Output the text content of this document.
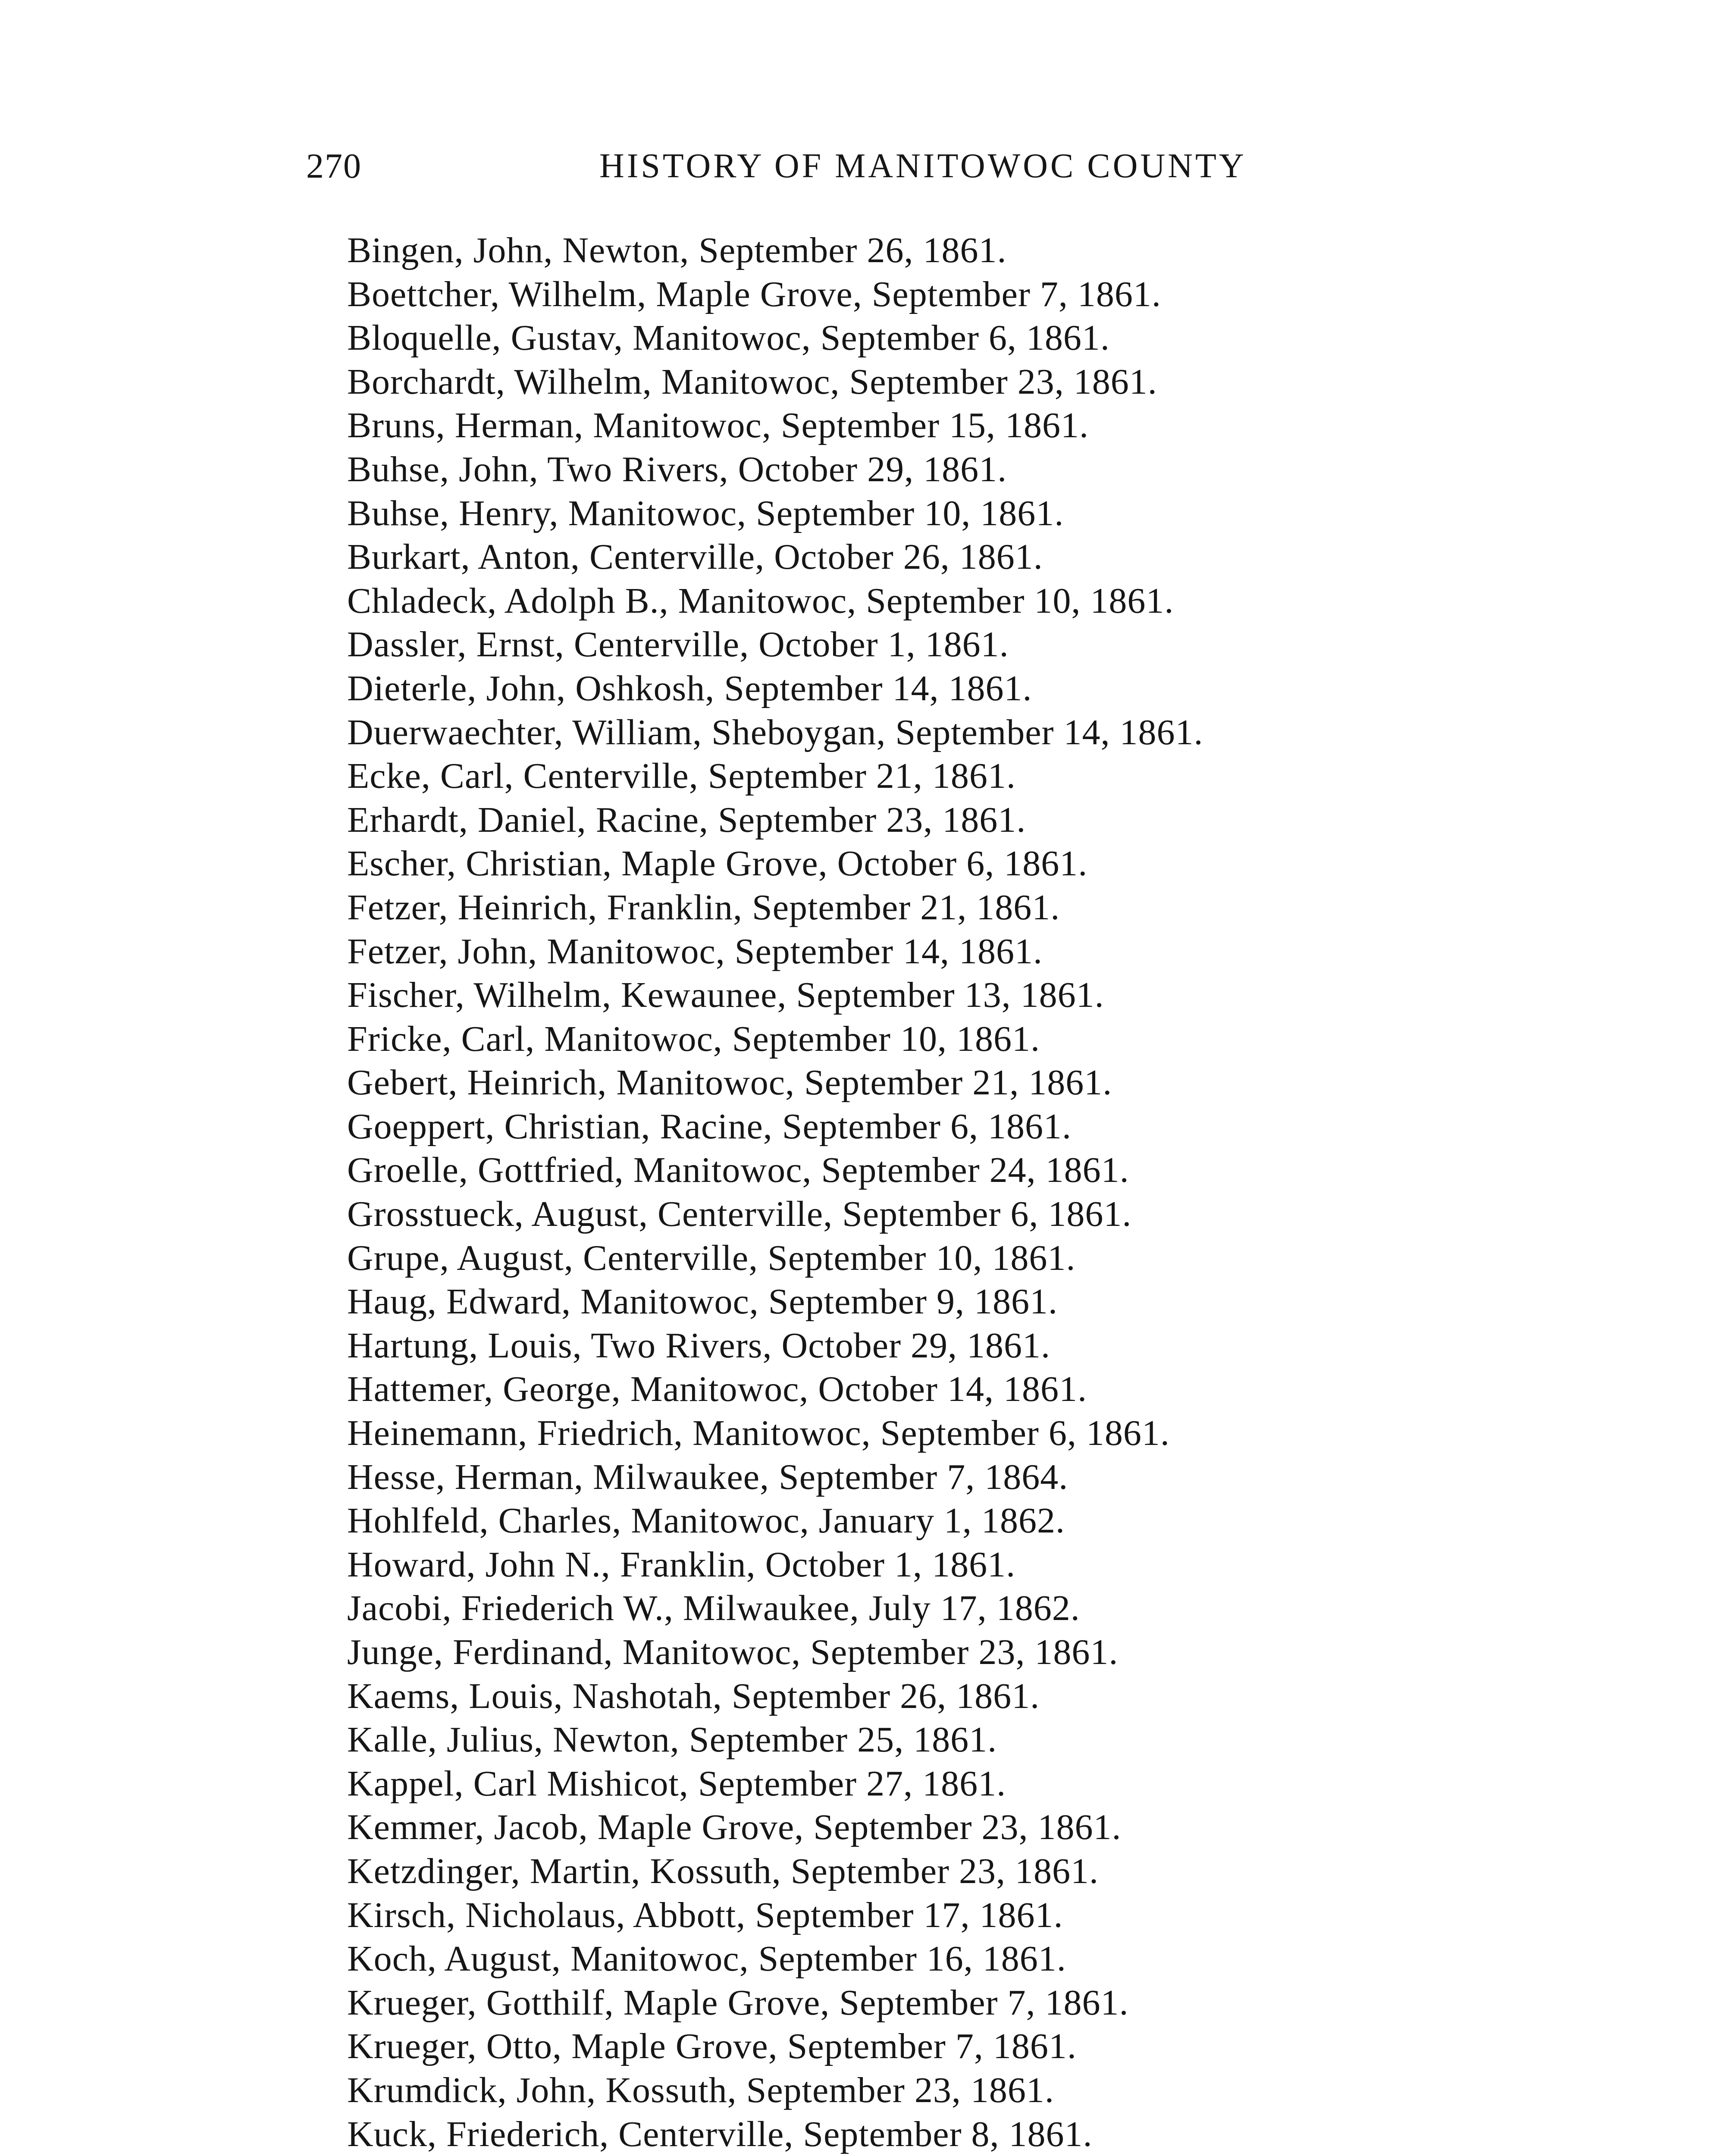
270	HISTORY OF MANITOWOC COUNTY
Bingen, John, Newton, September 26, 1861.
Boettcher, Wilhelm, Maple Grove, September 7, 1861.
Bloquelle, Gustav, Manitowoc, September 6, 1861.
Borchardt, Wilhelm, Manitowoc, September 23, 1861.
Bruns, Herman, Manitowoc, September 15, 1861.
Buhse, John, Two Rivers, October 29, 1861.
Buhse, Henry, Manitowoc, September 10, 1861.
Burkart, Anton, Centerville, October 26, 1861.
Chladeck, Adolph B., Manitowoc, September 10, 1861.
Dassler, Ernst, Centerville, October 1, 1861.
Dieterle, John, Oshkosh, September 14, 1861.
Duerwaechter, William, Sheboygan, September 14, 1861.
Ecke, Carl, Centerville, September 21, 1861.
Erhardt, Daniel, Racine, September 23, 1861.
Escher, Christian, Maple Grove, October 6, 1861.
Fetzer, Heinrich, Franklin, September 21, 1861.
Fetzer, John, Manitowoc, September 14, 1861.
Fischer, Wilhelm, Kewaunee, September 13, 1861.
Fricke, Carl, Manitowoc, September 10, 1861.
Gebert, Heinrich, Manitowoc, September 21, 1861.
Goeppert, Christian, Racine, September 6, 1861.
Groelle, Gottfried, Manitowoc, September 24, 1861.
Grosstueck, August, Centerville, September 6, 1861.
Grupe, August, Centerville, September 10, 1861.
Haug, Edward, Manitowoc, September 9, 1861.
Hartung, Louis, Two Rivers, October 29, 1861.
Hattemer, George, Manitowoc, October 14, 1861.
Heinemann, Friedrich, Manitowoc, September 6, 1861.
Hesse, Herman, Milwaukee, September 7, 1864.
Hohlfeld, Charles, Manitowoc, January 1, 1862.
Howard, John N., Franklin, October 1, 1861.
Jacobi, Friederich W., Milwaukee, July 17, 1862.
Junge, Ferdinand, Manitowoc, September 23, 1861.
Kaems, Louis, Nashotah, September 26, 1861.
Kalle, Julius, Newton, September 25, 1861.
Kappel, Carl Mishicot, September 27, 1861.
Kemmer, Jacob, Maple Grove, September 23, 1861.
Ketzdinger, Martin, Kossuth, September 23, 1861.
Kirsch, Nicholaus, Abbott, September 17, 1861.
Koch, August, Manitowoc, September 16, 1861.
Krueger, Gotthilf, Maple Grove, September 7, 1861.
Krueger, Otto, Maple Grove, September 7, 1861.
Krumdick, John, Kossuth, September 23, 1861.
Kuck, Friederich, Centerville, September 8, 1861.
